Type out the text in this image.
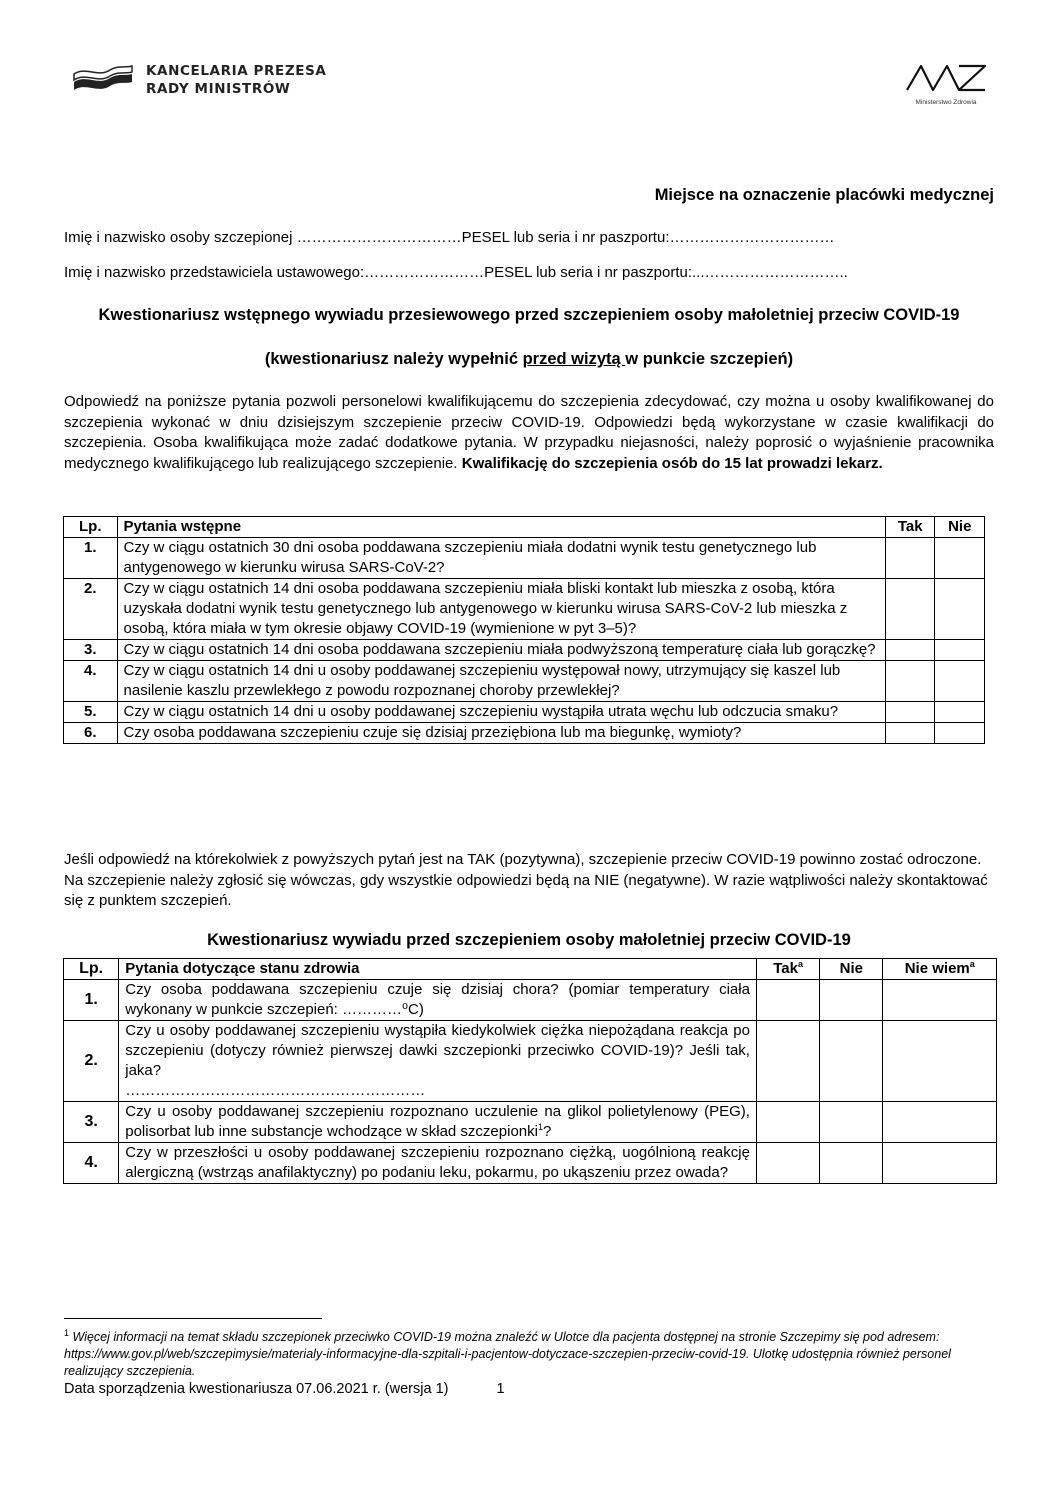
KANCELARIA PREZESA
RADY MINISTRÓW
Ministerstwo Zdrowia
Miejsce na oznaczenie placówki medycznej
Imię i nazwisko osoby szczepionej ……………………………PESEL lub seria i nr paszportu:……………………………
Imię i nazwisko przedstawiciela ustawowego:……………………PESEL lub seria i nr paszportu:...………………………..
Kwestionariusz wstępnego wywiadu przesiewowego przed szczepieniem osoby małoletniej przeciw COVID-19
(kwestionariusz należy wypełnić przed wizytą w punkcie szczepień)
Odpowiedź na poniższe pytania pozwoli personelowi kwalifikującemu do szczepienia zdecydować, czy można u osoby kwalifikowanej do szczepienia wykonać w dniu dzisiejszym szczepienie przeciw COVID-19. Odpowiedzi będą wykorzystane w czasie kwalifikacji do szczepienia. Osoba kwalifikująca może zadać dodatkowe pytania. W przypadku niejasności, należy poprosić o wyjaśnienie pracownika medycznego kwalifikującego lub realizującego szczepienie. Kwalifikację do szczepienia osób do 15 lat prowadzi lekarz.
Lp.	Pytania wstępne	Tak	Nie
1.	Czy w ciągu ostatnich 30 dni osoba poddawana szczepieniu miała dodatni wynik testu genetycznego lub antygenowego w kierunku wirusa SARS-CoV-2?		
2.	Czy w ciągu ostatnich 14 dni osoba poddawana szczepieniu miała bliski kontakt lub mieszka z osobą, która uzyskała dodatni wynik testu genetycznego lub antygenowego w kierunku wirusa SARS-CoV-2 lub mieszka z osobą, która miała w tym okresie objawy COVID-19 (wymienione w pyt 3–5)?		
3.	Czy w ciągu ostatnich 14 dni osoba poddawana szczepieniu miała podwyższoną temperaturę ciała lub gorączkę?		
4.	Czy w ciągu ostatnich 14 dni u osoby poddawanej szczepieniu występował nowy, utrzymujący się kaszel lub nasilenie kaszlu przewlekłego z powodu rozpoznanej choroby przewlekłej?		
5.	Czy w ciągu ostatnich 14 dni u osoby poddawanej szczepieniu wystąpiła utrata węchu lub odczucia smaku?		
6.	Czy osoba poddawana szczepieniu czuje się dzisiaj przeziębiona lub ma biegunkę, wymioty?		
Jeśli odpowiedź na którekolwiek z powyższych pytań jest na TAK (pozytywna), szczepienie przeciw COVID-19 powinno zostać odroczone. Na szczepienie należy zgłosić się wówczas, gdy wszystkie odpowiedzi będą na NIE (negatywne). W razie wątpliwości należy skontaktować się z punktem szczepień.
Kwestionariusz wywiadu przed szczepieniem osoby małoletniej przeciw COVID-19
Lp.	Pytania dotyczące stanu zdrowia	Tak$^a$	Nie	Nie wiem$^a$
1.	Czy osoba poddawana szczepieniu czuje się dzisiaj chora? (pomiar temperatury ciała wykonany w punkcie szczepień: …………⁰C)			
2.	Czy u osoby poddawanej szczepieniu wystąpiła kiedykolwiek ciężka niepożądana reakcja po szczepieniu (dotyczy również pierwszej dawki szczepionki przeciwko COVID-19)? Jeśli tak, jaka?
……………………………………………………			
3.	Czy u osoby poddawanej szczepieniu rozpoznano uczulenie na glikol polietylenowy (PEG), polisorbat lub inne substancje wchodzące w skład szczepionki$^1$?			
4.	Czy w przeszłości u osoby poddawanej szczepieniu rozpoznano ciężką, uogólnioną reakcję alergiczną (wstrząs anafilaktyczny) po podaniu leku, pokarmu, po ukąszeniu przez owada?			
$^1$ Więcej informacji na temat składu szczepionek przeciwko COVID-19 można znaleźć w Ulotce dla pacjenta dostępnej na stronie Szczepimy się pod adresem: https://www.gov.pl/web/szczepimysie/materialy-informacyjne-dla-szpitali-i-pacjentow-dotyczace-szczepien-przeciw-covid-19. Ulotkę udostępnia również personel realizujący szczepienia.
Data sporządzenia kwestionariusza 07.06.2021 r. (wersja 1)	1
